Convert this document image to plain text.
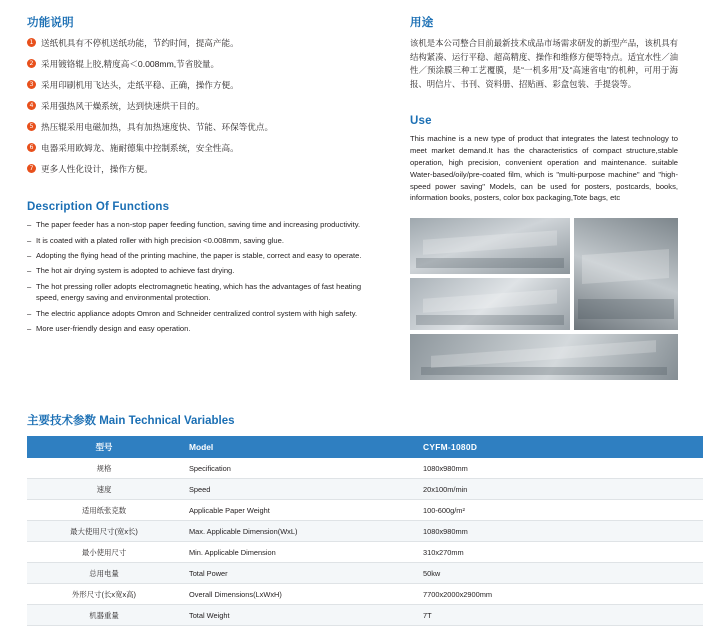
功能说明
1 送纸机具有不停机送纸功能，节约时间，提高产能。
2 采用镀铬辊上胶,精度高＜0.008mm,节省胶量。
3 采用印刷机用飞达头，走纸平稳、正确，操作方便。
4 采用强热风干燥系统，达到快速烘干目的。
5 热压辊采用电磁加热，具有加热速度快、节能、环保等优点。
6 电器采用欧姆龙、施耐德集中控制系统，安全性高。
7 更多人性化设计，操作方便。
Description Of Functions
– The paper feeder has a non-stop paper feeding function, saving time and increasing productivity.
– It is coated with a plated roller with high precision <0.008mm, saving glue.
– Adopting the flying head of the printing machine, the paper is stable, correct and easy to operate.
– The hot air drying system is adopted to achieve fast drying.
– The hot pressing roller adopts electromagnetic heating, which has the advantages of fast heating speed, energy saving and environmental protection.
– The electric appliance adopts Omron and Schneider centralized control system with high safety.
– More user-friendly design and easy operation.
用途

该机是本公司整合目前最新技术成品市场需求研发的新型产品，该机具有结构紧凑、运行平稳、超高精度、操作和维修方便等特点。适宜水性／油性／预涂膜三种工艺覆膜，是“一机多用”及“高速省电”的机种，可用于海报、明信片、书刊、资料册、招贴画、彩盒包装、手提袋等。

Use

This machine is a new type of product that integrates the latest technology to meet market demand.It has the characteristics of compact structure,stable operation, high precision, convenient operation and maintenance. suitable Water-based/oily/pre-coated film, which is "multi-purpose machine" and "high-speed power saving" Models, can be used for posters, postcards, books, information books, posters, color box packaging,Tote bags, etc

主要技术参数 Main Technical Variables
型号	Model	CYFM-1080D
规格	Specification	1080x980mm
速度	Speed	20x100m/min
适用纸张克数	Applicable Paper Weight	100-600g/m²
最大使用尺寸(宽x长)	Max. Applicable Dimension(WxL)	1080x980mm
最小使用尺寸	Min. Applicable Dimension	310x270mm
总用电量	Total Power	50kw
外形尺寸(长x宽x高)	Overall Dimensions(LxWxH)	7700x2000x2900mm
机器重量	Total Weight	7T
